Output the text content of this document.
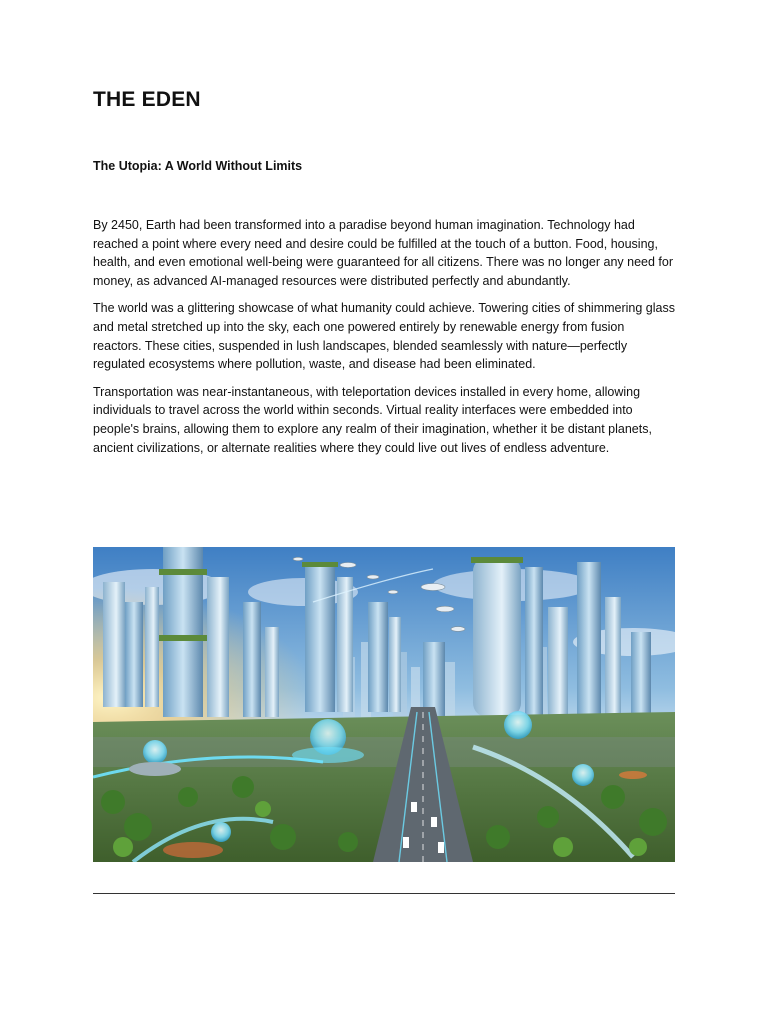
THE EDEN
The Utopia: A World Without Limits

By 2450, Earth had been transformed into a paradise beyond human imagination. Technology had reached a point where every need and desire could be fulfilled at the touch of a button. Food, housing, health, and even emotional well-being were guaranteed for all citizens. There was no longer any need for money, as advanced AI-managed resources were distributed perfectly and abundantly.

The world was a glittering showcase of what humanity could achieve. Towering cities of shimmering glass and metal stretched up into the sky, each one powered entirely by renewable energy from fusion reactors. These cities, suspended in lush landscapes, blended seamlessly with nature—perfectly regulated ecosystems where pollution, waste, and disease had been eliminated.

Transportation was near-instantaneous, with teleportation devices installed in every home, allowing individuals to travel across the world within seconds. Virtual reality interfaces were embedded into people's brains, allowing them to explore any realm of their imagination, whether it be distant planets, ancient civilizations, or alternate realities where they could live out lives of endless adventure.
